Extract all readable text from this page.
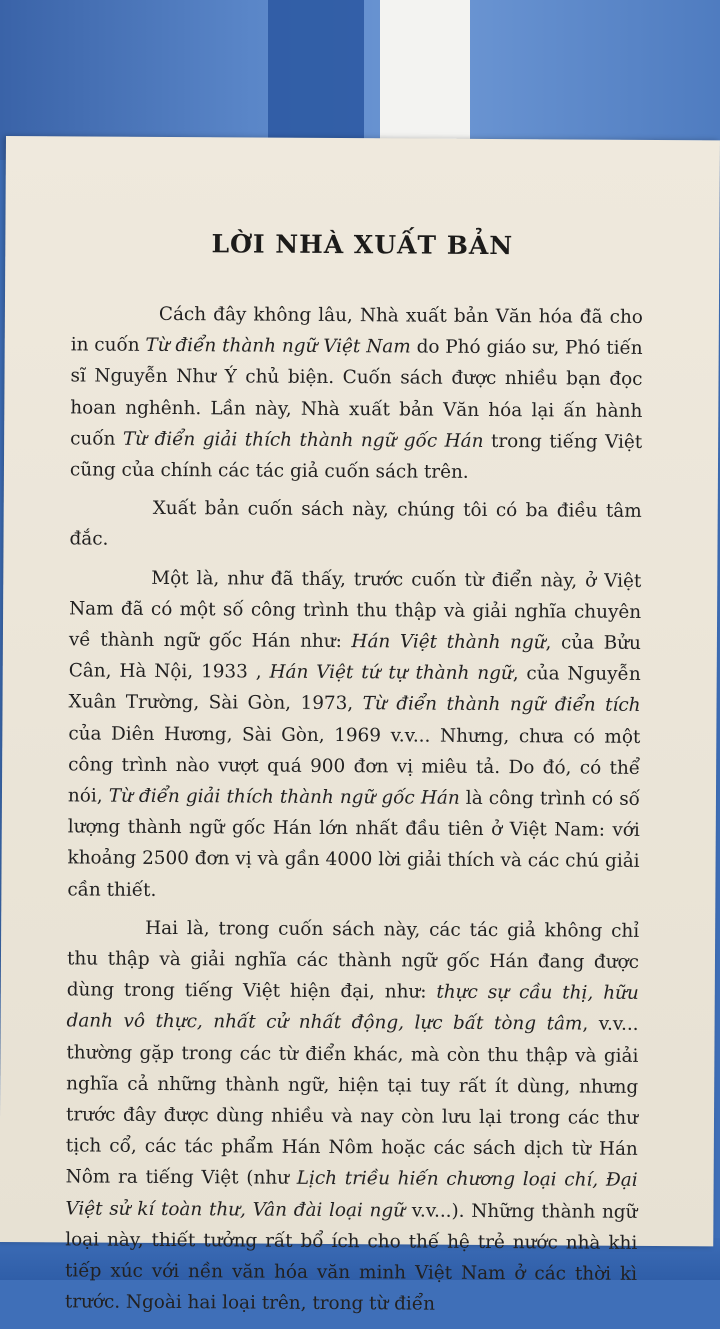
LỜI NHÀ XUẤT BẢN

Cách đây không lâu, Nhà xuất bản Văn hóa đã cho in cuốn Từ điển thành ngữ Việt Nam do Phó giáo sư, Phó tiến sĩ Nguyễn Như Ý chủ biện. Cuốn sách được nhiều bạn đọc hoan nghênh. Lần này, Nhà xuất bản Văn hóa lại ấn hành cuốn Từ điển giải thích thành ngữ gốc Hán trong tiếng Việt cũng của chính các tác giả cuốn sách trên.

Xuất bản cuốn sách này, chúng tôi có ba điều tâm đắc.

Một là, như đã thấy, trước cuốn từ điển này, ở Việt Nam đã có một số công trình thu thập và giải nghĩa chuyên về thành ngữ gốc Hán như: Hán Việt thành ngữ, của Bửu Cân, Hà Nội, 1933 , Hán Việt tứ tự thành ngữ, của Nguyễn Xuân Trường, Sài Gòn, 1973, Từ điển thành ngữ điển tích của Diên Hương, Sài Gòn, 1969 v.v... Nhưng, chưa có một công trình nào vượt quá 900 đơn vị miêu tả. Do đó, có thể nói, Từ điển giải thích thành ngữ gốc Hán là công trình có số lượng thành ngữ gốc Hán lớn nhất đầu tiên ở Việt Nam: với khoảng 2500 đơn vị và gần 4000 lời giải thích và các chú giải cần thiết.

Hai là, trong cuốn sách này, các tác giả không chỉ thu thập và giải nghĩa các thành ngữ gốc Hán đang được dùng trong tiếng Việt hiện đại, như: thực sự cầu thị, hữu danh vô thực, nhất cử nhất động, lực bất tòng tâm, v.v... thường gặp trong các từ điển khác, mà còn thu thập và giải nghĩa cả những thành ngữ, hiện tại tuy rất ít dùng, nhưng trước đây được dùng nhiều và nay còn lưu lại trong các thư tịch cổ, các tác phẩm Hán Nôm hoặc các sách dịch từ Hán Nôm ra tiếng Việt (như Lịch triều hiến chương loại chí, Đại Việt sử kí toàn thư, Vân đài loại ngữ v.v...). Những thành ngữ loại này, thiết tưởng rất bổ ích cho thế hệ trẻ nước nhà khi tiếp xúc với nền văn hóa văn minh Việt Nam ở các thời kì trước. Ngoài hai loại trên, trong từ điển
